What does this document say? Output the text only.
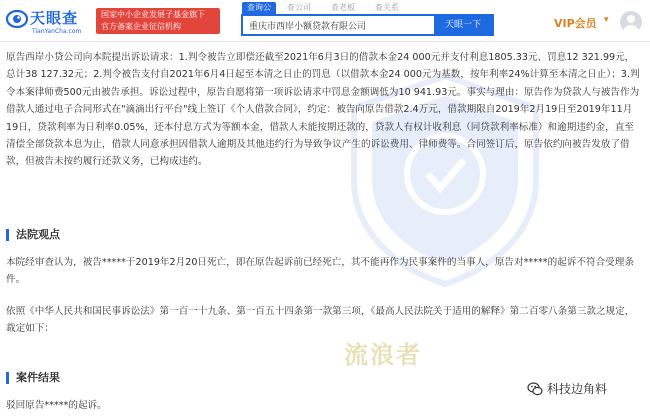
天眼查
TianYanCha.com
国家中小企业发展子基金旗下
官方备案企业征信机构
查询公	查公司	查老板	查关系
重庆市西岸小额贷款有限公司
天眼一下	VIP会员 ▾
原告西岸小贷公司向本院提出诉讼请求：1.判令被告立即偿还截至2021年6月3日的借款本金24 000元并支付利息1805.33元、罚息12 321.99元，总计38 127.32元；2.判令被告支付自2021年6月4日起至本清之日止的罚息（以借款本金24 000元为基数，按年利率24%计算至本清之日止）；3.判令本案律师费500元由被告承担。诉讼过程中，原告自愿将第一项诉讼请求中罚息金额调低为10 941.93元。事实与理由：原告作为贷款人与被告作为借款人通过电子合同形式在"滴滴出行平台"线上签订《个人借款合同》，约定：被告向原告借款2.4万元，借款期限自2019年2月19日至2019年11月19日，贷款利率为日利率0.05%，还本付息方式为等额本金，借款人未能按期还款的，贷款人有权计收利息（同贷款利率标准）和逾期违约金，直至清偿全部贷款本息为止，借款人同意承担因借款人逾期及其他违约行为导致争议产生的诉讼费用、律师费等。合同签订后，原告依约向被告发放了借款，但被告未按约履行还款义务，已构成违约。
法院观点
本院经审查认为，被告*****于2019年2月20日死亡，即在原告起诉前已经死亡，其不能再作为民事案件的当事人，原告对*****的起诉不符合受理条件。
依照《中华人民共和国民事诉讼法》第一百一十九条、第一百五十四条第一款第三项，《最高人民法院关于适用的解释》第二百零八条第三款之规定，裁定如下：
案件结果
驳回原告*****的起诉。
流浪者
科技边角料
